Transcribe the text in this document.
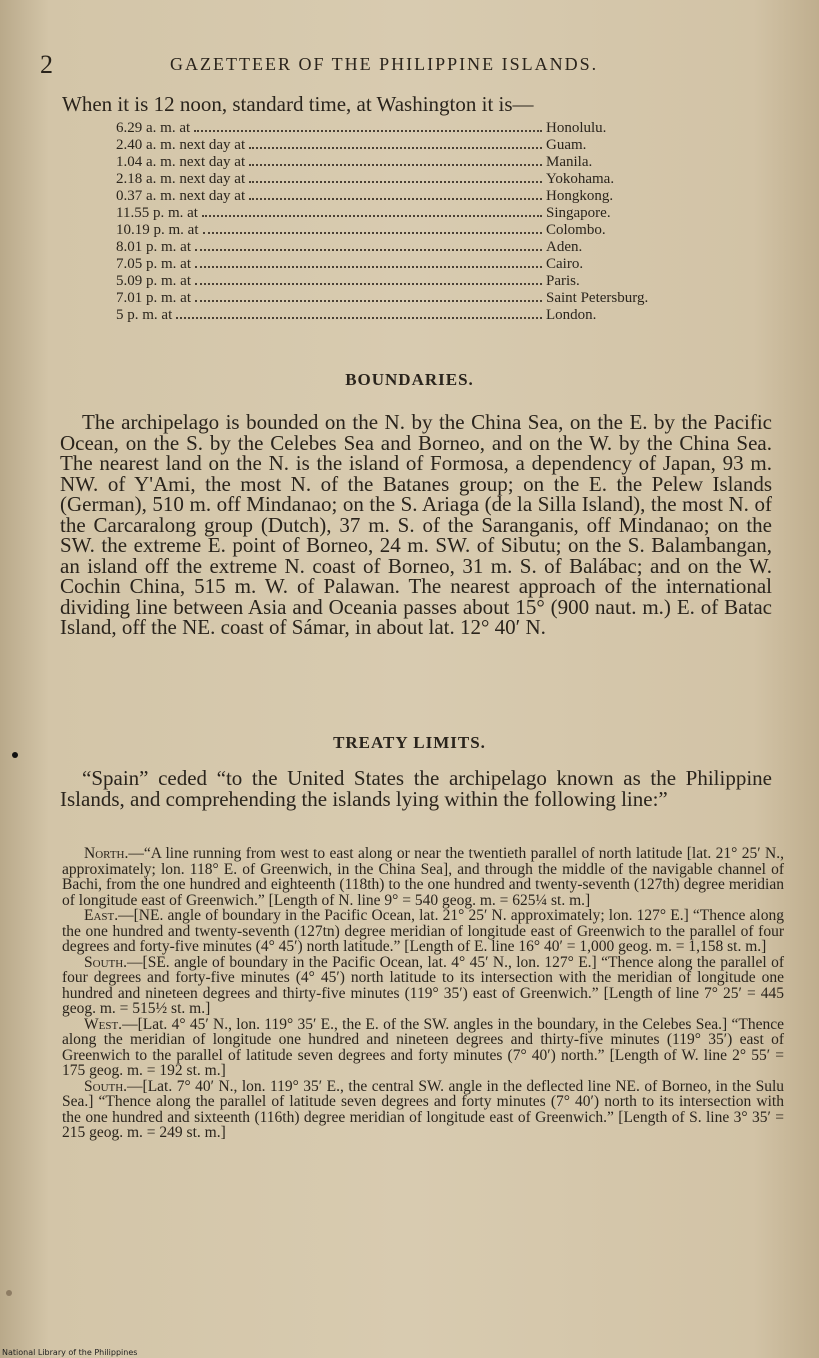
2	GAZETTEER OF THE PHILIPPINE ISLANDS.
When it is 12 noon, standard time, at Washington it is—
6.29 a. m. at	Honolulu.
2.40 a. m. next day at	Guam.
1.04 a. m. next day at	Manila.
2.18 a. m. next day at	Yokohama.
0.37 a. m. next day at	Hongkong.
11.55 p. m. at	Singapore.
10.19 p. m. at	Colombo.
8.01 p. m. at	Aden.
7.05 p. m. at	Cairo.
5.09 p. m. at	Paris.
7.01 p. m. at	Saint Petersburg.
5 p. m. at	London.
BOUNDARIES.
The archipelago is bounded on the N. by the China Sea, on the E. by the Pacific Ocean, on the S. by the Celebes Sea and Borneo, and on the W. by the China Sea. The nearest land on the N. is the island of Formosa, a dependency of Japan, 93 m. NW. of Y'Ami, the most N. of the Batanes group; on the E. the Pelew Islands (German), 510 m. off Mindanao; on the S. Ariaga (de la Silla Island), the most N. of the Carcaralong group (Dutch), 37 m. S. of the Saranganis, off Mindanao; on the SW. the extreme E. point of Borneo, 24 m. SW. of Sibutu; on the S. Balambangan, an island off the extreme N. coast of Borneo, 31 m. S. of Balábac; and on the W. Cochin China, 515 m. W. of Palawan. The nearest approach of the international dividing line between Asia and Oceania passes about 15° (900 naut. m.) E. of Batac Island, off the NE. coast of Sámar, in about lat. 12° 40′ N.
TREATY LIMITS.
“Spain” ceded “to the United States the archipelago known as the Philippine Islands, and comprehending the islands lying within the following line:”

North.—“A line running from west to east along or near the twentieth parallel of north latitude [lat. 21° 25′ N., approximately; lon. 118° E. of Greenwich, in the China Sea], and through the middle of the navigable channel of Bachi, from the one hundred and eighteenth (118th) to the one hundred and twenty-seventh (127th) degree meridian of longitude east of Greenwich.” [Length of N. line 9° = 540 geog. m. = 625¼ st. m.]

East.—[NE. angle of boundary in the Pacific Ocean, lat. 21° 25′ N. approximately; lon. 127° E.] “Thence along the one hundred and twenty-seventh (127tn) degree meridian of longitude east of Greenwich to the parallel of four degrees and forty-five minutes (4° 45′) north latitude.” [Length of E. line 16° 40′ = 1,000 geog. m. = 1,158 st. m.]

South.—[SE. angle of boundary in the Pacific Ocean, lat. 4° 45′ N., lon. 127° E.] “Thence along the parallel of four degrees and forty-five minutes (4° 45′) north latitude to its intersection with the meridian of longitude one hundred and nineteen degrees and thirty-five minutes (119° 35′) east of Greenwich.” [Length of line 7° 25′ = 445 geog. m. = 515½ st. m.]

West.—[Lat. 4° 45′ N., lon. 119° 35′ E., the E. of the SW. angles in the boundary, in the Celebes Sea.] “Thence along the meridian of longitude one hundred and nineteen degrees and thirty-five minutes (119° 35′) east of Greenwich to the parallel of latitude seven degrees and forty minutes (7° 40′) north.” [Length of W. line 2° 55′ = 175 geog. m. = 192 st. m.]

South.—[Lat. 7° 40′ N., lon. 119° 35′ E., the central SW. angle in the deflected line NE. of Borneo, in the Sulu Sea.] “Thence along the parallel of latitude seven degrees and forty minutes (7° 40′) north to its intersection with the one hundred and sixteenth (116th) degree meridian of longitude east of Greenwich.” [Length of S. line 3° 35′ = 215 geog. m. = 249 st. m.]

National Library of the Philippines
